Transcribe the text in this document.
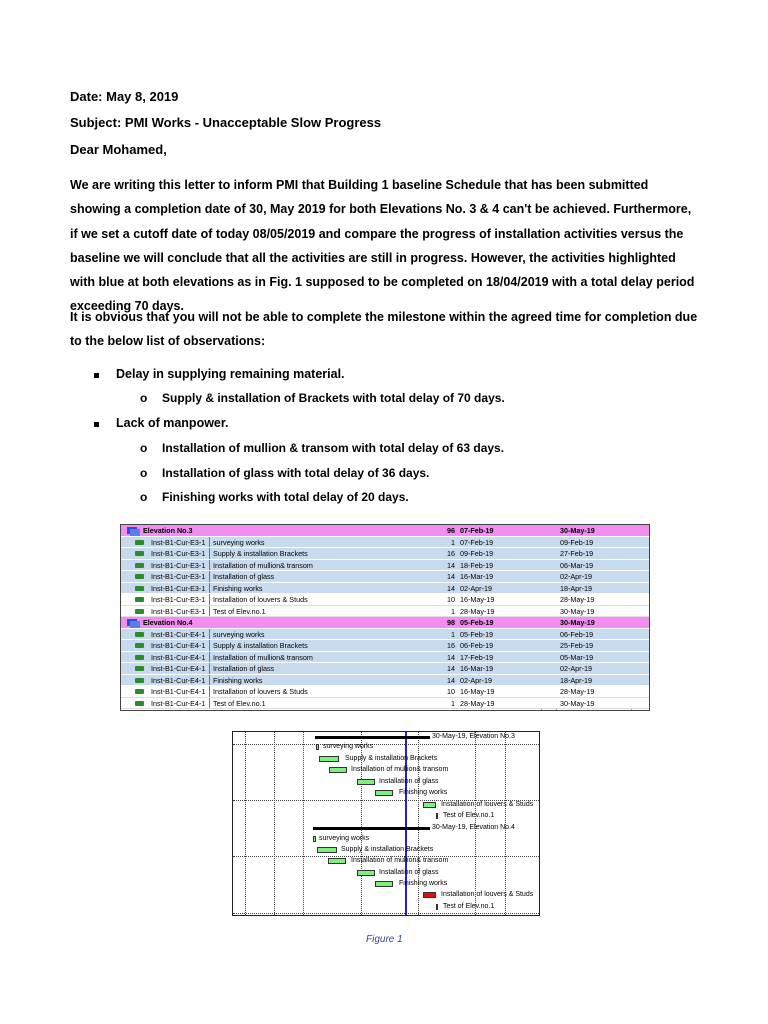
Date: May 8, 2019
Subject: PMI Works - Unacceptable Slow Progress
Dear Mohamed,
We are writing this letter to inform PMI that Building 1 baseline Schedule that has been submitted showing a completion date of 30, May 2019 for both Elevations No. 3 & 4 can't be achieved. Furthermore, if we set a cutoff date of today 08/05/2019 and compare the progress of installation activities versus the baseline we will conclude that all the activities are still in progress. However, the activities highlighted with blue at both elevations as in Fig. 1 supposed to be completed on 18/04/2019 with a total delay period exceeding 70 days.
It is obvious that you will not be able to complete the milestone within the agreed time for completion due to the below list of observations:
Delay in supplying remaining material.
o Supply & installation of Brackets with total delay of 70 days.
Lack of manpower.
o Installation of mullion & transom with total delay of 63 days.
o Installation of glass with total delay of 36 days.
o Finishing works with total delay of 20 days.
Elevation No.3	96 07-Feb-19	30-May-19
Inst-B1-Cur-E3-1	surveying works	1 07-Feb-19	09-Feb-19
Inst-B1-Cur-E3-1	Supply & installation Brackets	16 09-Feb-19	27-Feb-19
Inst-B1-Cur-E3-1	Installation of mullion& transom	14 18-Feb-19	06-Mar-19
Inst-B1-Cur-E3-1	Installation of glass	14 16-Mar-19	02-Apr-19
Inst-B1-Cur-E3-1	Finishing works	14 02-Apr-19	18-Apr-19
Inst-B1-Cur-E3-1	Installation of louvers & Studs	10 16-May-19	28-May-19
Inst-B1-Cur-E3-1	Test of Elev.no.1	1 28-May-19	30-May-19
Elevation No.4	98 05-Feb-19	30-May-19
Inst-B1-Cur-E4-1	surveying works	1 05-Feb-19	06-Feb-19
Inst-B1-Cur-E4-1	Supply & installation Brackets	16 06-Feb-19	25-Feb-19
Inst-B1-Cur-E4-1	Installation of mullion& transom	14 17-Feb-19	05-Mar-19
Inst-B1-Cur-E4-1	Installation of glass	14 16-Mar-19	02-Apr-19
Inst-B1-Cur-E4-1	Finishing works	14 02-Apr-19	18-Apr-19
Inst-B1-Cur-E4-1	Installation of louvers & Studs	10 16-May-19	28-May-19
Inst-B1-Cur-E4-1	Test of Elev.no.1	1 28-May-19	30-May-19
30-May-19, Elevation No.3
surveying works
Supply & installation Brackets
Installation of mullion& transom
Installation of glass
Finishing works
Installation of louvers & Studs
Test of Elev.no.1
30-May-19, Elevation No.4
surveying works
Supply & installation Brackets
Installation of mullion& transom
Installation of glass
Finishing works
Installation of louvers & Studs
Test of Elev.no.1
Figure 1
